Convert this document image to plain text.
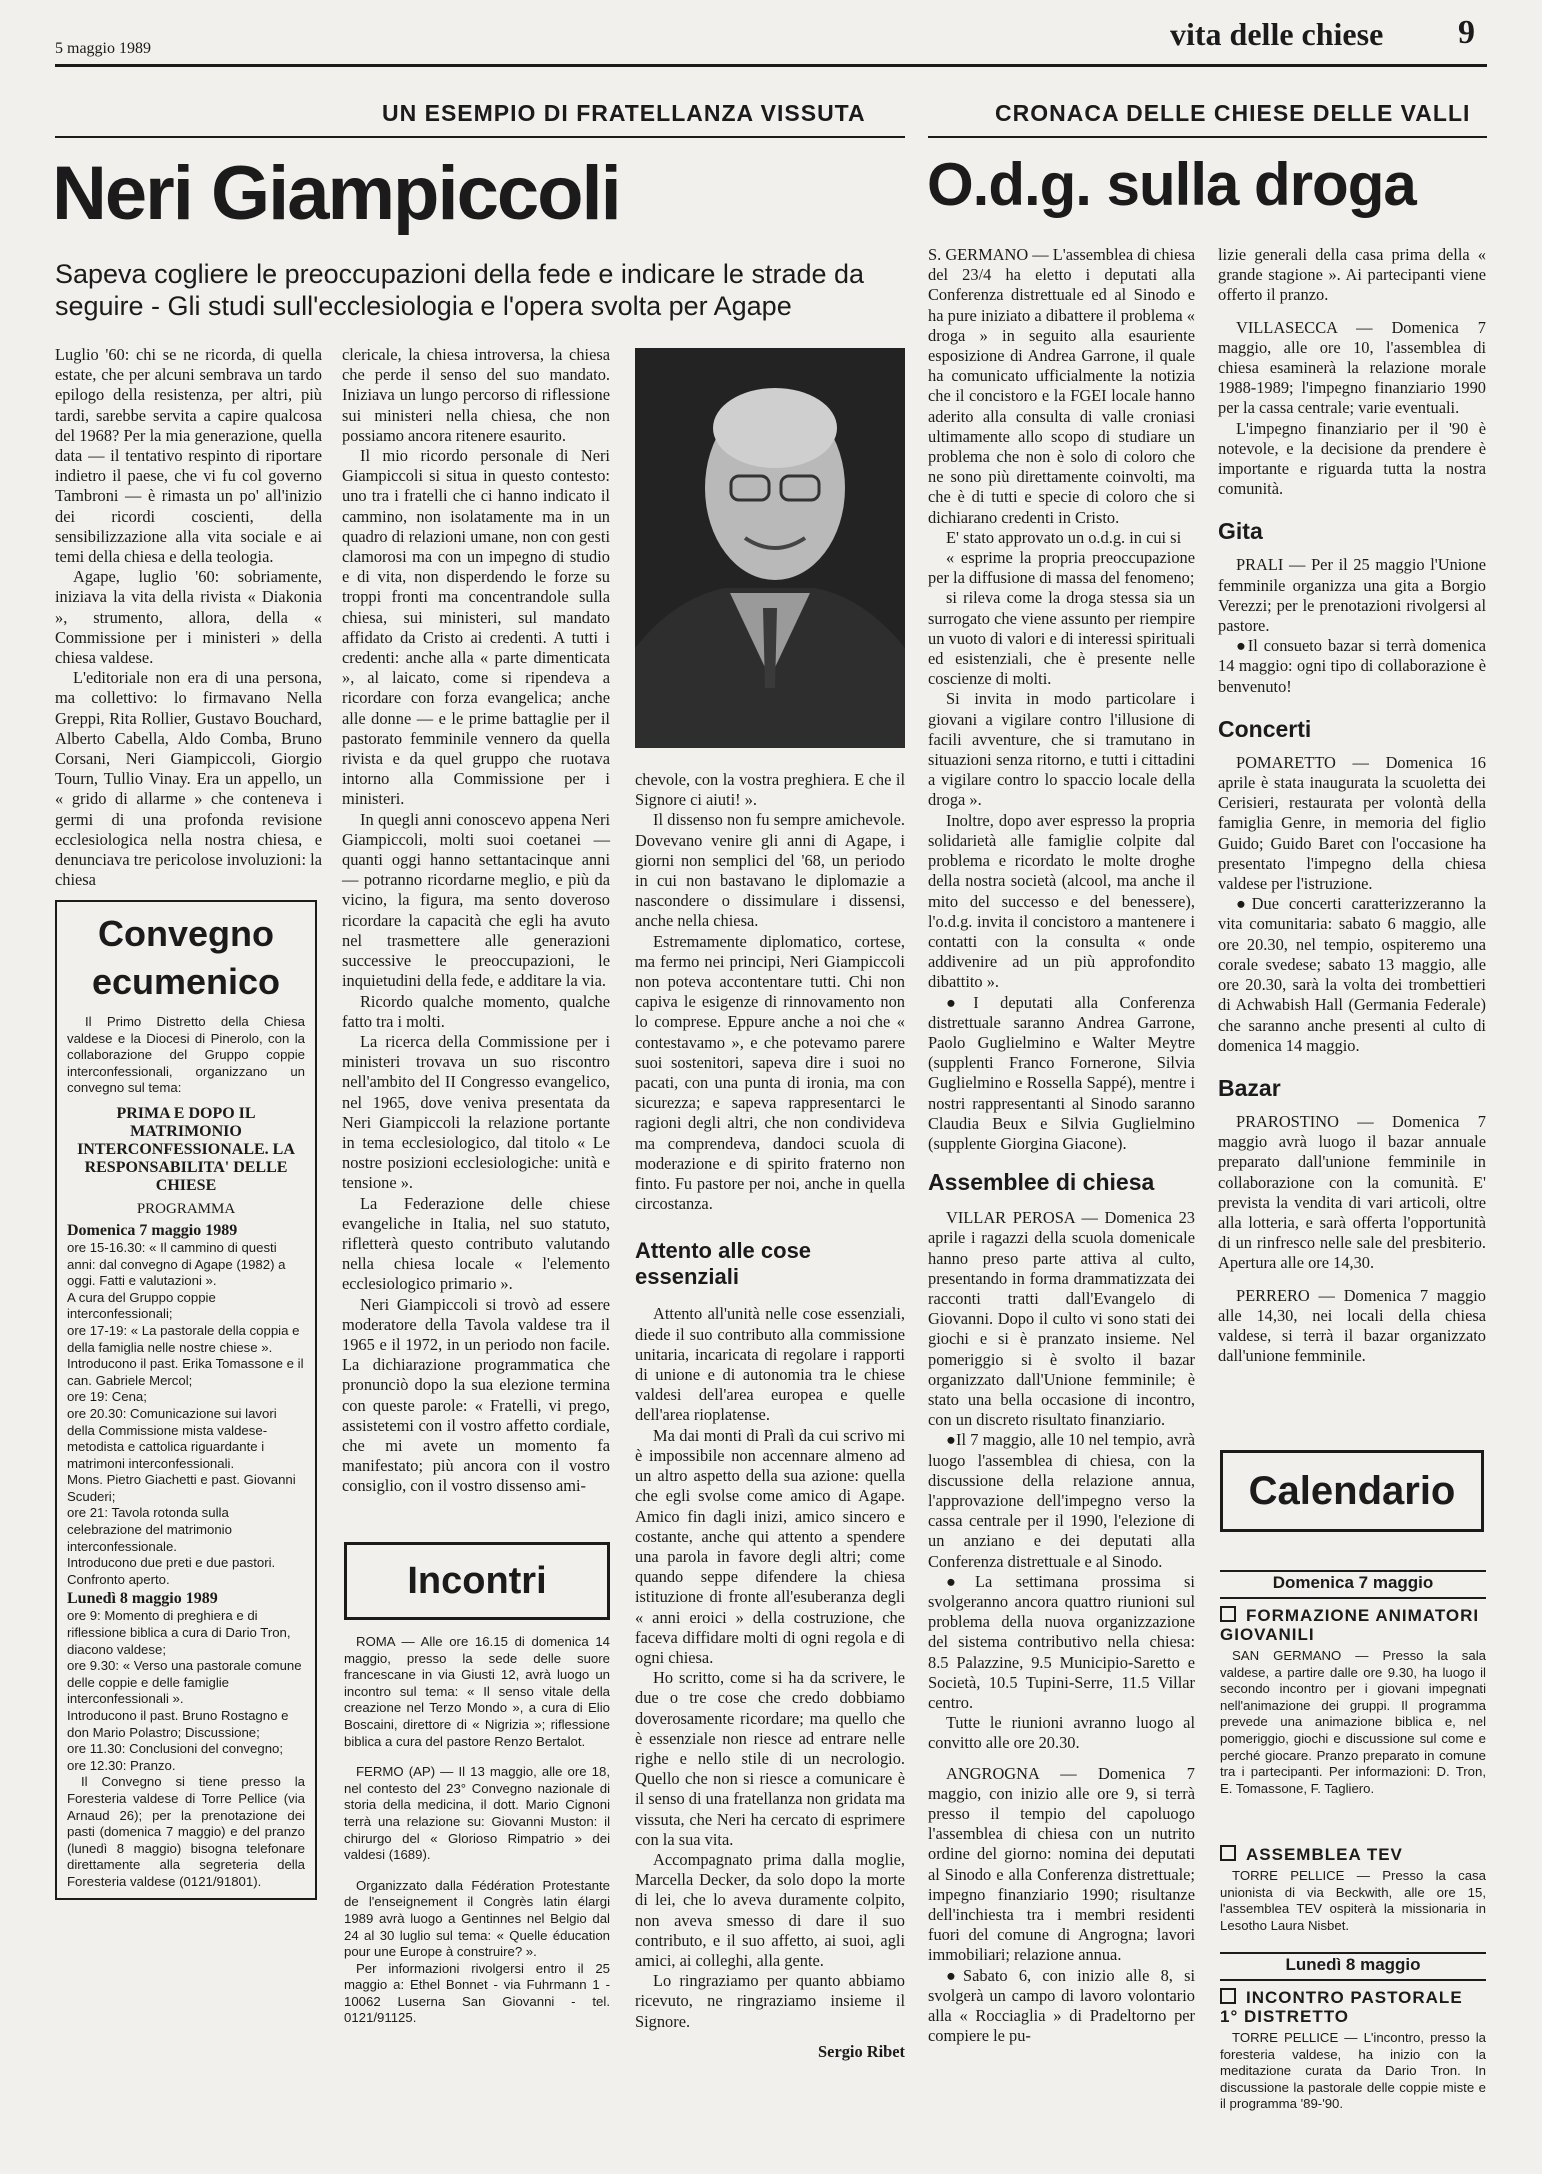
5 maggio 1989	vita delle chiese 9
UN ESEMPIO DI FRATELLANZA VISSUTA	CRONACA DELLE CHIESE DELLE VALLI
Neri Giampiccoli	O.d.g. sulla droga
Sapeva cogliere le preoccupazioni della fede e indicare le strade da seguire - Gli studi sull'ecclesiologia e l'opera svolta per Agape

Luglio '60: chi se ne ricorda, di quella estate, che per alcuni sembrava un tardo epilogo della resistenza, per altri, più tardi, sarebbe servita a capire qualcosa del 1968? Per la mia generazione, quella data — il tentativo respinto di riportare indietro il paese, che vi fu col governo Tambroni — è rimasta un po' all'inizio dei ricordi coscienti, della sensibilizzazione alla vita sociale e ai temi della chiesa e della teologia.

Agape, luglio '60: sobriamente, iniziava la vita della rivista « Diakonia », strumento, allora, della « Commissione per i ministeri » della chiesa valdese.

L'editoriale non era di una persona, ma collettivo: lo firmavano Nella Greppi, Rita Rollier, Gustavo Bouchard, Alberto Cabella, Aldo Comba, Bruno Corsani, Neri Giampiccoli, Giorgio Tourn, Tullio Vinay. Era un appello, un « grido di allarme » che conteneva i germi di una profonda revisione ecclesiologica nella nostra chiesa, e denunciava tre pericolose involuzioni: la chiesa

Convegno ecumenico
Il Primo Distretto della Chiesa valdese e la Diocesi di Pinerolo, con la collaborazione del Gruppo coppie interconfessionali, organizzano un convegno sul tema:
PRIMA E DOPO IL MATRIMONIO INTERCONFESSIONALE. LA RESPONSABILITA' DELLE CHIESE
PROGRAMMA
Domenica 7 maggio 1989
ore 15-16.30: « Il cammino di questi anni: dal convegno di Agape (1982) a oggi. Fatti e valutazioni ».
A cura del Gruppo coppie interconfessionali;
ore 17-19: « La pastorale della coppia e della famiglia nelle nostre chiese ».
Introducono il past. Erika Tomassone e il can. Gabriele Mercol;
ore 19: Cena;
ore 20.30: Comunicazione sui lavori della Commissione mista valdese-metodista e cattolica riguardante i matrimoni interconfessionali.
Mons. Pietro Giachetti e past. Giovanni Scuderi;
ore 21: Tavola rotonda sulla celebrazione del matrimonio interconfessionale.
Introducono due preti e due pastori. Confronto aperto.
Lunedì 8 maggio 1989
ore 9: Momento di preghiera e di riflessione biblica a cura di Dario Tron, diacono valdese;
ore 9.30: « Verso una pastorale comune delle coppie e delle famiglie interconfessionali ».
Introducono il past. Bruno Rostagno e don Mario Polastro; Discussione;
ore 11.30: Conclusioni del convegno;
ore 12.30: Pranzo.
Il Convegno si tiene presso la Foresteria valdese di Torre Pellice (via Arnaud 26); per la prenotazione dei pasti (domenica 7 maggio) e del pranzo (lunedì 8 maggio) bisogna telefonare direttamente alla segreteria della Foresteria valdese (0121/91801).

clericale, la chiesa introversa, la chiesa che perde il senso del suo mandato. Iniziava un lungo percorso di riflessione sui ministeri nella chiesa, che non possiamo ancora ritenere esaurito.

Il mio ricordo personale di Neri Giampiccoli si situa in questo contesto: uno tra i fratelli che ci hanno indicato il cammino, non isolatamente ma in un quadro di relazioni umane, non con gesti clamorosi ma con un impegno di studio e di vita, non disperdendo le forze su troppi fronti ma concentrandole sulla chiesa, sui ministeri, sul mandato affidato da Cristo ai credenti. A tutti i credenti: anche alla « parte dimenticata », al laicato, come si ripendeva a ricordare con forza evangelica; anche alle donne — e le prime battaglie per il pastorato femminile vennero da quella rivista e da quel gruppo che ruotava intorno alla Commissione per i ministeri.

In quegli anni conoscevo appena Neri Giampiccoli, molti suoi coetanei — quanti oggi hanno settantacinque anni — potranno ricordarne meglio, e più da vicino, la figura, ma sento doveroso ricordare la capacità che egli ha avuto nel trasmettere alle generazioni successive le preoccupazioni, le inquietudini della fede, e additare la via.

Ricordo qualche momento, qualche fatto tra i molti.

La ricerca della Commissione per i ministeri trovava un suo riscontro nell'ambito del II Congresso evangelico, nel 1965, dove veniva presentata da Neri Giampiccoli la relazione portante in tema ecclesiologico, dal titolo « Le nostre posizioni ecclesiologiche: unità e tensione ».

La Federazione delle chiese evangeliche in Italia, nel suo statuto, rifletterà questo contributo valutando nella chiesa locale « l'elemento ecclesiologico primario ».

Neri Giampiccoli si trovò ad essere moderatore della Tavola valdese tra il 1965 e il 1972, in un periodo non facile. La dichiarazione programmatica che pronunciò dopo la sua elezione termina con queste parole: « Fratelli, vi prego, assistetemi con il vostro affetto cordiale, che mi avete un momento fa manifestato; più ancora con il vostro consiglio, con il vostro dissenso ami-

Incontri
ROMA — Alle ore 16.15 di domenica 14 maggio, presso la sede delle suore francescane in via Giusti 12, avrà luogo un incontro sul tema: « Il senso vitale della creazione nel Terzo Mondo », a cura di Elio Boscaini, direttore di « Nigrizia »; riflessione biblica a cura del pastore Renzo Bertalot.
FERMO (AP) — Il 13 maggio, alle ore 18, nel contesto del 23° Convegno nazionale di storia della medicina, il dott. Mario Cignoni terrà una relazione su: Giovanni Muston: il chirurgo del « Glorioso Rimpatrio » dei valdesi (1689).
Organizzato dalla Fédération Protestante de l'enseignement il Congrès latin élargi 1989 avrà luogo a Gentinnes nel Belgio dal 24 al 30 luglio sul tema: « Quelle éducation pour une Europe à construire? ».
Per informazioni rivolgersi entro il 25 maggio a: Ethel Bonnet - via Fuhrmann 1 - 10062 Luserna San Giovanni - tel. 0121/91125.

chevole, con la vostra preghiera. E che il Signore ci aiuti! ».

Il dissenso non fu sempre amichevole. Dovevano venire gli anni di Agape, i giorni non semplici del '68, un periodo in cui non bastavano le diplomazie a nascondere o dissimulare i dissensi, anche nella chiesa.

Estremamente diplomatico, cortese, ma fermo nei principi, Neri Giampiccoli non poteva accontentare tutti. Chi non capiva le esigenze di rinnovamento non lo comprese. Eppure anche a noi che « contestavamo », e che potevamo parere suoi sostenitori, sapeva dire i suoi no pacati, con una punta di ironia, ma con sicurezza; e sapeva rappresentarci le ragioni degli altri, che non condivideva ma comprendeva, dandoci scuola di moderazione e di spirito fraterno non finto. Fu pastore per noi, anche in quella circostanza.

Attento alle cose essenziali

Attento all'unità nelle cose essenziali, diede il suo contributo alla commissione unitaria, incaricata di regolare i rapporti di unione e di autonomia tra le chiese valdesi dell'area europea e quelle dell'area rioplatense.

Ma dai monti di Pralì da cui scrivo mi è impossibile non accennare almeno ad un altro aspetto della sua azione: quella che egli svolse come amico di Agape. Amico fin dagli inizi, amico sincero e costante, anche qui attento a spendere una parola in favore degli altri; come quando seppe difendere la chiesa istituzione di fronte all'esuberanza degli « anni eroici » della costruzione, che faceva diffidare molti di ogni regola e di ogni chiesa.

Ho scritto, come si ha da scrivere, le due o tre cose che credo dobbiamo doverosamente ricordare; ma quello che è essenziale non riesce ad entrare nelle righe e nello stile di un necrologio. Quello che non si riesce a comunicare è il senso di una fratellanza non gridata ma vissuta, che Neri ha cercato di esprimere con la sua vita.

Accompagnato prima dalla moglie, Marcella Decker, da solo dopo la morte di lei, che lo aveva duramente colpito, non aveva smesso di dare il suo contributo, e il suo affetto, ai suoi, agli amici, ai colleghi, alla gente.

Lo ringraziamo per quanto abbiamo ricevuto, ne ringraziamo insieme il Signore.

Sergio Ribet

S. GERMANO — L'assemblea di chiesa del 23/4 ha eletto i deputati alla Conferenza distrettuale ed al Sinodo e ha pure iniziato a dibattere il problema « droga » in seguito alla esauriente esposizione di Andrea Garrone, il quale ha comunicato ufficialmente la notizia che il concistoro e la FGEI locale hanno aderito alla consulta di valle croniasi ultimamente allo scopo di studiare un problema che non è solo di coloro che ne sono più direttamente coinvolti, ma che è di tutti e specie di coloro che si dichiarano credenti in Cristo.

E' stato approvato un o.d.g. in cui si

« esprime la propria preoccupazione per la diffusione di massa del fenomeno;

si rileva come la droga stessa sia un surrogato che viene assunto per riempire un vuoto di valori e di interessi spirituali ed esistenziali, che è presente nelle coscienze di molti.

Si invita in modo particolare i giovani a vigilare contro l'illusione di facili avventure, che si tramutano in situazioni senza ritorno, e tutti i cittadini a vigilare contro lo spaccio locale della droga ».

Inoltre, dopo aver espresso la propria solidarietà alle famiglie colpite dal problema e ricordato le molte droghe della nostra società (alcool, ma anche il mito del successo e del benessere), l'o.d.g. invita il concistoro a mantenere i contatti con la consulta « onde addivenire ad un più approfondito dibattito ».

● I deputati alla Conferenza distrettuale saranno Andrea Garrone, Paolo Guglielmino e Walter Meytre (supplenti Franco Fornerone, Silvia Guglielmino e Rossella Sappé), mentre i nostri rappresentanti al Sinodo saranno Claudia Beux e Silvia Guglielmino (supplente Giorgina Giacone).

Assemblee di chiesa

VILLAR PEROSA — Domenica 23 aprile i ragazzi della scuola domenicale hanno preso parte attiva al culto, presentando in forma drammatizzata dei racconti tratti dall'Evangelo di Giovanni. Dopo il culto vi sono stati dei giochi e si è pranzato insieme. Nel pomeriggio si è svolto il bazar organizzato dall'Unione femminile; è stato una bella occasione di incontro, con un discreto risultato finanziario.

● Il 7 maggio, alle 10 nel tempio, avrà luogo l'assemblea di chiesa, con la discussione della relazione annua, l'approvazione dell'impegno verso la cassa centrale per il 1990, l'elezione di un anziano e dei deputati alla Conferenza distrettuale e al Sinodo.

● La settimana prossima si svolgeranno ancora quattro riunioni sul problema della nuova organizzazione del sistema contributivo nella chiesa: 8.5 Palazzine, 9.5 Municipio-Saretto e Società, 10.5 Tupini-Serre, 11.5 Villar centro.

Tutte le riunioni avranno luogo al convitto alle ore 20.30.

ANGROGNA — Domenica 7 maggio, con inizio alle ore 9, si terrà presso il tempio del capoluogo l'assemblea di chiesa con un nutrito ordine del giorno: nomina dei deputati al Sinodo e alla Conferenza distrettuale; impegno finanziario 1990; risultanze dell'inchiesta tra i membri residenti fuori del comune di Angrogna; lavori immobiliari; relazione annua.

● Sabato 6, con inizio alle 8, si svolgerà un campo di lavoro volontario alla « Rocciaglia » di Pradeltorno per compiere le pu-

lizie generali della casa prima della « grande stagione ». Ai partecipanti viene offerto il pranzo.

VILLASECCA — Domenica 7 maggio, alle ore 10, l'assemblea di chiesa esaminerà la relazione morale 1988-1989; l'impegno finanziario 1990 per la cassa centrale; varie eventuali.

L'impegno finanziario per il '90 è notevole, e la decisione da prendere è importante e riguarda tutta la nostra comunità.

Gita

PRALI — Per il 25 maggio l'Unione femminile organizza una gita a Borgio Verezzi; per le prenotazioni rivolgersi al pastore.

● Il consueto bazar si terrà domenica 14 maggio: ogni tipo di collaborazione è benvenuto!

Concerti

POMARETTO — Domenica 16 aprile è stata inaugurata la scuoletta dei Cerisieri, restaurata per volontà della famiglia Genre, in memoria del figlio Guido; Guido Baret con l'occasione ha presentato l'impegno della chiesa valdese per l'istruzione.

● Due concerti caratterizzeranno la vita comunitaria: sabato 6 maggio, alle ore 20.30, nel tempio, ospiteremo una corale svedese; sabato 13 maggio, alle ore 20.30, sarà la volta dei trombettieri di Achwabish Hall (Germania Federale) che saranno anche presenti al culto di domenica 14 maggio.

Bazar

PRAROSTINO — Domenica 7 maggio avrà luogo il bazar annuale preparato dall'unione femminile in collaborazione con la comunità. E' prevista la vendita di vari articoli, oltre alla lotteria, e sarà offerta l'opportunità di un rinfresco nelle sale del presbiterio. Apertura alle ore 14,30.

PERRERO — Domenica 7 maggio alle 14,30, nei locali della chiesa valdese, si terrà il bazar organizzato dall'unione femminile.

Calendario
Domenica 7 maggio
FORMAZIONE ANIMATORI GIOVANILI
SAN GERMANO — Presso la sala valdese, a partire dalle ore 9.30, ha luogo il secondo incontro per i giovani impegnati nell'animazione dei gruppi. Il programma prevede una animazione biblica e, nel pomeriggio, giochi e discussione sul come e perché giocare. Pranzo preparato in comune tra i partecipanti. Per informazioni: D. Tron, E. Tomassone, F. Tagliero.
ASSEMBLEA TEV
TORRE PELLICE — Presso la casa unionista di via Beckwith, alle ore 15, l'assemblea TEV ospiterà la missionaria in Lesotho Laura Nisbet.
Lunedì 8 maggio
INCONTRO PASTORALE 1° DISTRETTO
TORRE PELLICE — L'incontro, presso la foresteria valdese, ha inizio con la meditazione curata da Dario Tron. In discussione la pastorale delle coppie miste e il programma '89-'90.
